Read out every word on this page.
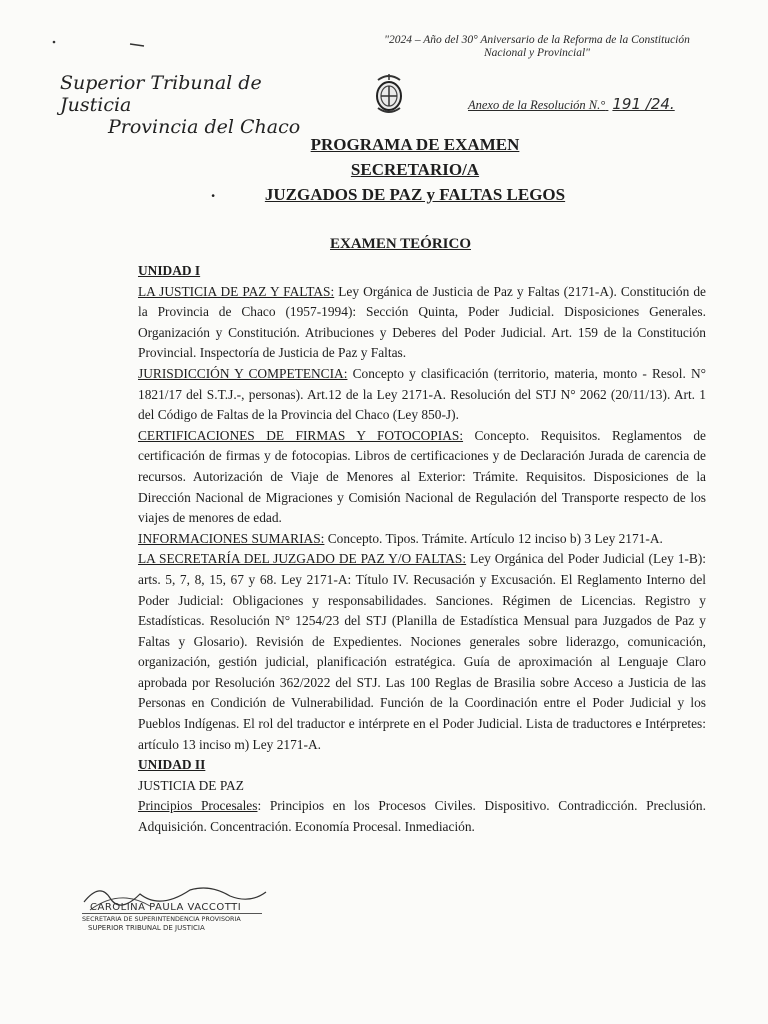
"2024 – Año del 30° Aniversario de la Reforma de la Constitución Nacional y Provincial"
Superior Tribunal de Justicia
Provincia del Chaco
Anexo de la Resolución N.° 191 /24.
PROGRAMA DE EXAMEN
SECRETARIO/A
JUZGADOS DE PAZ y FALTAS LEGOS
.
EXAMEN TEÓRICO

UNIDAD I

LA JUSTICIA DE PAZ Y FALTAS: Ley Orgánica de Justicia de Paz y Faltas (2171-A). Constitución de la Provincia de Chaco (1957-1994): Sección Quinta, Poder Judicial. Disposiciones Generales. Organización y Constitución. Atribuciones y Deberes del Poder Judicial. Art. 159 de la Constitución Provincial. Inspectoría de Justicia de Paz y Faltas.

JURISDICCIÓN Y COMPETENCIA: Concepto y clasificación (territorio, materia, monto - Resol. N° 1821/17 del S.T.J.-, personas). Art.12 de la Ley 2171-A. Resolución del STJ N° 2062 (20/11/13). Art. 1 del Código de Faltas de la Provincia del Chaco (Ley 850-J).

CERTIFICACIONES DE FIRMAS Y FOTOCOPIAS: Concepto. Requisitos. Reglamentos de certificación de firmas y de fotocopias. Libros de certificaciones y de Declaración Jurada de carencia de recursos. Autorización de Viaje de Menores al Exterior: Trámite. Requisitos. Disposiciones de la Dirección Nacional de Migraciones y Comisión Nacional de Regulación del Transporte respecto de los viajes de menores de edad.

INFORMACIONES SUMARIAS: Concepto. Tipos. Trámite. Artículo 12 inciso b) 3 Ley 2171-A.

LA SECRETARÍA DEL JUZGADO DE PAZ Y/O FALTAS: Ley Orgánica del Poder Judicial (Ley 1-B): arts. 5, 7, 8, 15, 67 y 68. Ley 2171-A: Título IV. Recusación y Excusación. El Reglamento Interno del Poder Judicial: Obligaciones y responsabilidades. Sanciones. Régimen de Licencias. Registro y Estadísticas. Resolución N° 1254/23 del STJ (Planilla de Estadística Mensual para Juzgados de Paz y Faltas y Glosario). Revisión de Expedientes. Nociones generales sobre liderazgo, comunicación, organización, gestión judicial, planificación estratégica. Guía de aproximación al Lenguaje Claro aprobada por Resolución 362/2022 del STJ. Las 100 Reglas de Brasilia sobre Acceso a Justicia de las Personas en Condición de Vulnerabilidad. Función de la Coordinación entre el Poder Judicial y los Pueblos Indígenas. El rol del traductor e intérprete en el Poder Judicial. Lista de traductores e Intérpretes: artículo 13 inciso m) Ley 2171-A.

UNIDAD II

JUSTICIA DE PAZ

Principios Procesales: Principios en los Procesos Civiles. Dispositivo. Contradicción. Preclusión. Adquisición. Concentración. Economía Procesal. Inmediación.

CAROLINA PAULA VACCOTTI
SECRETARIA DE SUPERINTENDENCIA PROVISORIA
SUPERIOR TRIBUNAL DE JUSTICIA
